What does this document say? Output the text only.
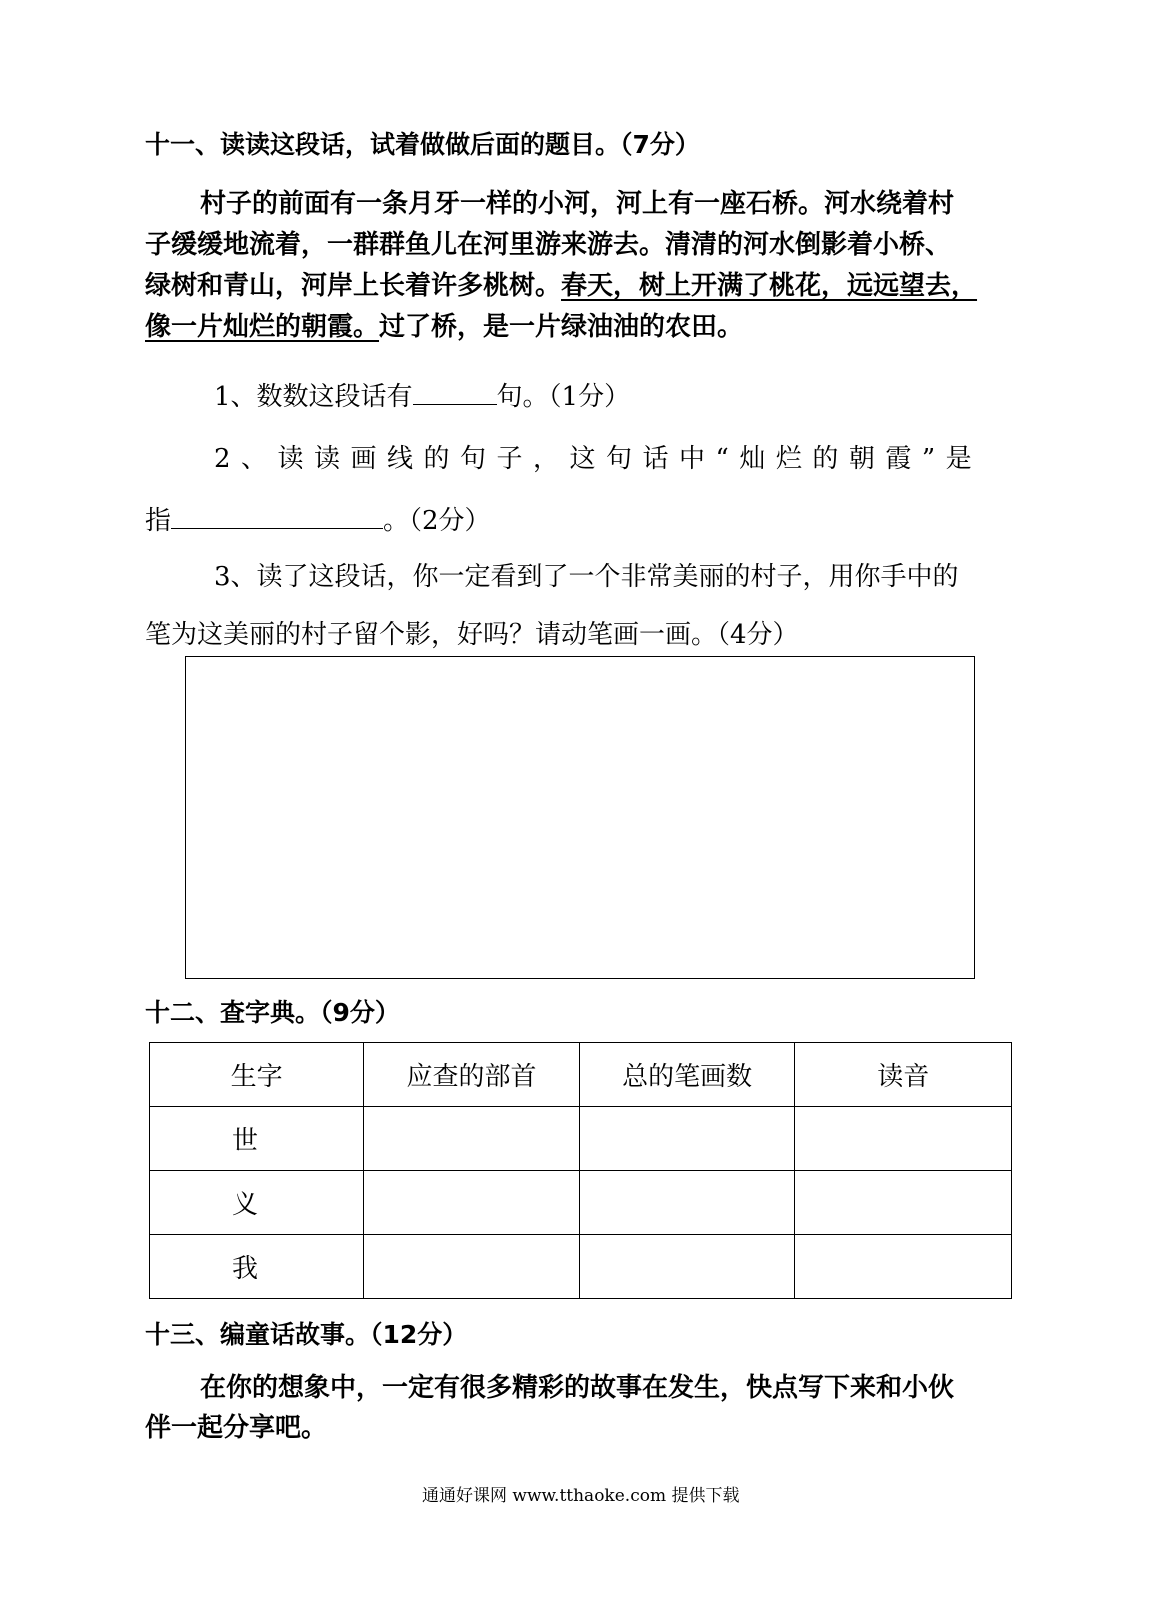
十一、读读这段话，试着做做后面的题目。（7分）
村子的前面有一条月牙一样的小河，河上有一座石桥。河水绕着村
子缓缓地流着，一群群鱼儿在河里游来游去。清清的河水倒影着小桥、
绿树和青山，河岸上长着许多桃树。春天，树上开满了桃花，远远望去，
像一片灿烂的朝霞。过了桥，是一片绿油油的农田。
1、数数这段话有	句。（1分）
2、读读画线的句子，这句话中“灿烂的朝霞”是
指	。（2分）
3、读了这段话，你一定看到了一个非常美丽的村子，用你手中的
笔为这美丽的村子留个影，好吗？请动笔画一画。（4分）
十二、查字典。（9分）
生字	应查的部首	总的笔画数	读音
世			
义			
我			
十三、编童话故事。（12分）
在你的想象中，一定有很多精彩的故事在发生，快点写下来和小伙
伴一起分享吧。
通通好课网 www.tthaoke.com 提供下载
